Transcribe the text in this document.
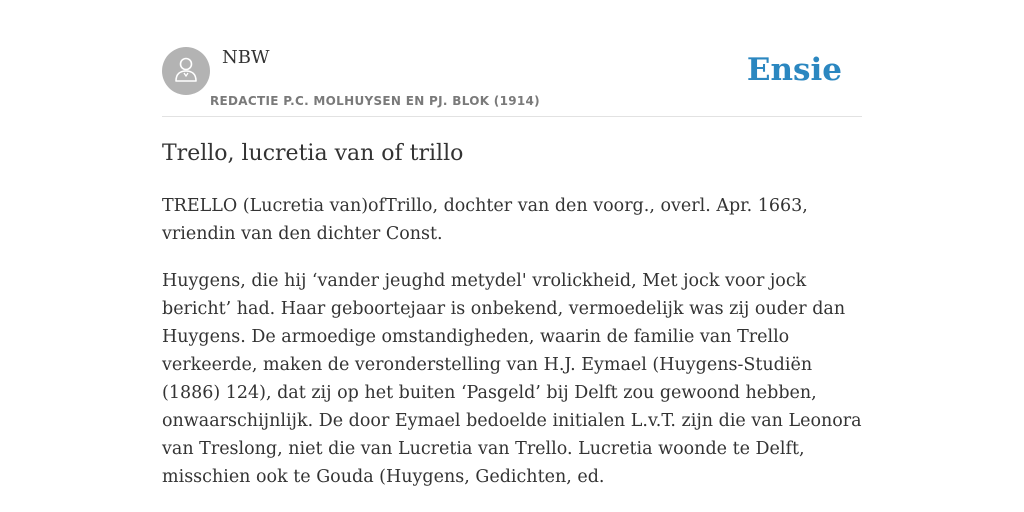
NBW
REDACTIE P.C. MOLHUYSEN EN PJ. BLOK (1914)
Ensie
Trello, lucretia van of trillo

TRELLO (Lucretia van)ofTrillo, dochter van den voorg., overl. Apr. 1663, vriendin van den dichter Const.

Huygens, die hij ‘vander jeughd metydel' vrolickheid, Met jock voor jock bericht’ had. Haar geboortejaar is onbekend, vermoedelijk was zij ouder dan Huygens. De armoedige omstandigheden, waarin de familie van Trello verkeerde, maken de veronderstelling van H.J. Eymael (Huygens-Studiën (1886) 124), dat zij op het buiten ‘Pasgeld’ bij Delft zou gewoond hebben, onwaarschijnlijk. De door Eymael bedoelde initialen L.v.T. zijn die van Leonora van Treslong, niet die van Lucretia van Trello. Lucretia woonde te Delft, misschien ook te Gouda (Huygens, Gedichten, ed.
